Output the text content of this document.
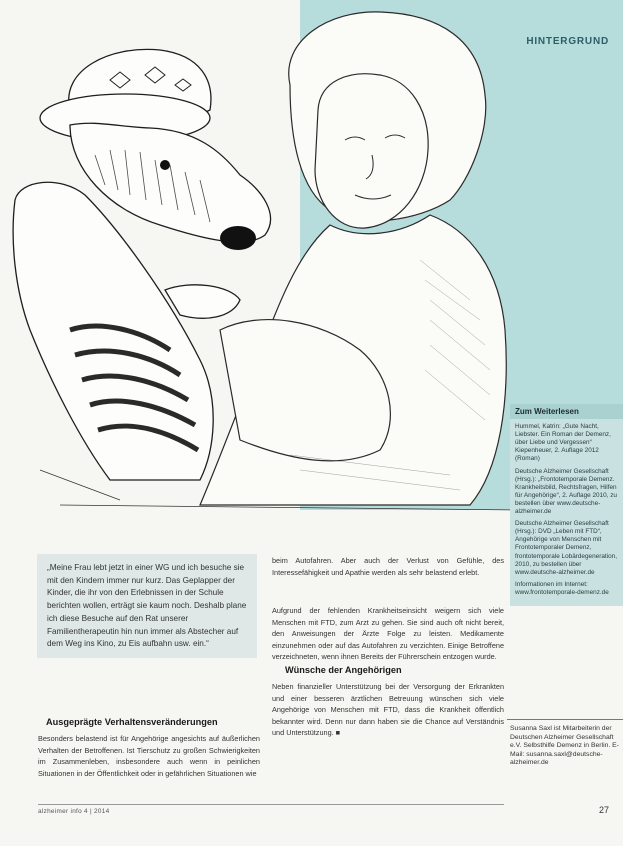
HINTERGRUND
Zum Weiterlesen

Hummel, Katrin: „Gute Nacht, Liebster. Ein Roman der Demenz, über Liebe und Vergessen“ Kiepenheuer, 2. Auflage 2012 (Roman)

Deutsche Alzheimer Gesellschaft (Hrsg.): „Frontotemporale Demenz. Krankheitsbild, Rechtsfragen, Hilfen für Angehörige“, 2. Auflage 2010, zu bestellen über www.deutsche-alzheimer.de

Deutsche Alzheimer Gesellschaft (Hrsg.): DVD „Leben mit FTD“, Angehörige von Menschen mit Frontotemporaler Demenz, frontotemporale Lobärdegeneration, 2010, zu bestellen über www.deutsche-alzheimer.de

Informationen im Internet: www.frontotemporale-demenz.de

„Meine Frau lebt jetzt in einer WG und ich besuche sie mit den Kindern immer nur kurz. Das Geplapper der Kinder, die ihr von den Erlebnissen in der Schule berichten wollen, erträgt sie kaum noch. Deshalb plane ich diese Besuche auf den Rat unserer Familientherapeutin hin nun immer als Abstecher auf dem Weg ins Kino, zu Eis aufbahn usw. ein.“
Ausgeprägte Verhaltensveränderungen
Wünsche der Angehörigen
Besonders belastend ist für Angehörige angesichts auf äußerlichen Verhalten der Betroffenen. Ist Tierschutz zu großen Schwierigkeiten im Zusammenleben, insbesondere auch wenn in peinlichen Situationen in der Öffentlichkeit oder in gefährlichen Situationen wie
beim Autofahren. Aber auch der Verlust von Gefühle, des Interessefähigkeit und Apathie werden als sehr belastend erlebt.
Aufgrund der fehlenden Krankheitseinsicht weigern sich viele Menschen mit FTD, zum Arzt zu gehen. Sie sind auch oft nicht bereit, den Anweisungen der Ärzte Folge zu leisten. Medikamente einzunehmen oder auf das Autofahren zu verzichten. Einige Betroffene verzeichneten, wenn ihnen Bereits der Führerschein entzogen wurde.
Neben finanzieller Unterstützung bei der Versorgung der Erkrankten und einer besseren ärztlichen Betreuung wünschen sich viele Angehörige von Menschen mit FTD, dass die Krankheit öffentlich bekannter wird. Denn nur dann haben sie die Chance auf Verständnis und Unterstützung. ■	Susanna Saxl ist Mitarbeiterin der Deutschen Alzheimer Gesellschaft e.V. Selbsthilfe Demenz in Berlin. E-Mail: susanna.saxl@deutsche-alzheimer.de
alzheimer info 4 | 2014	27
